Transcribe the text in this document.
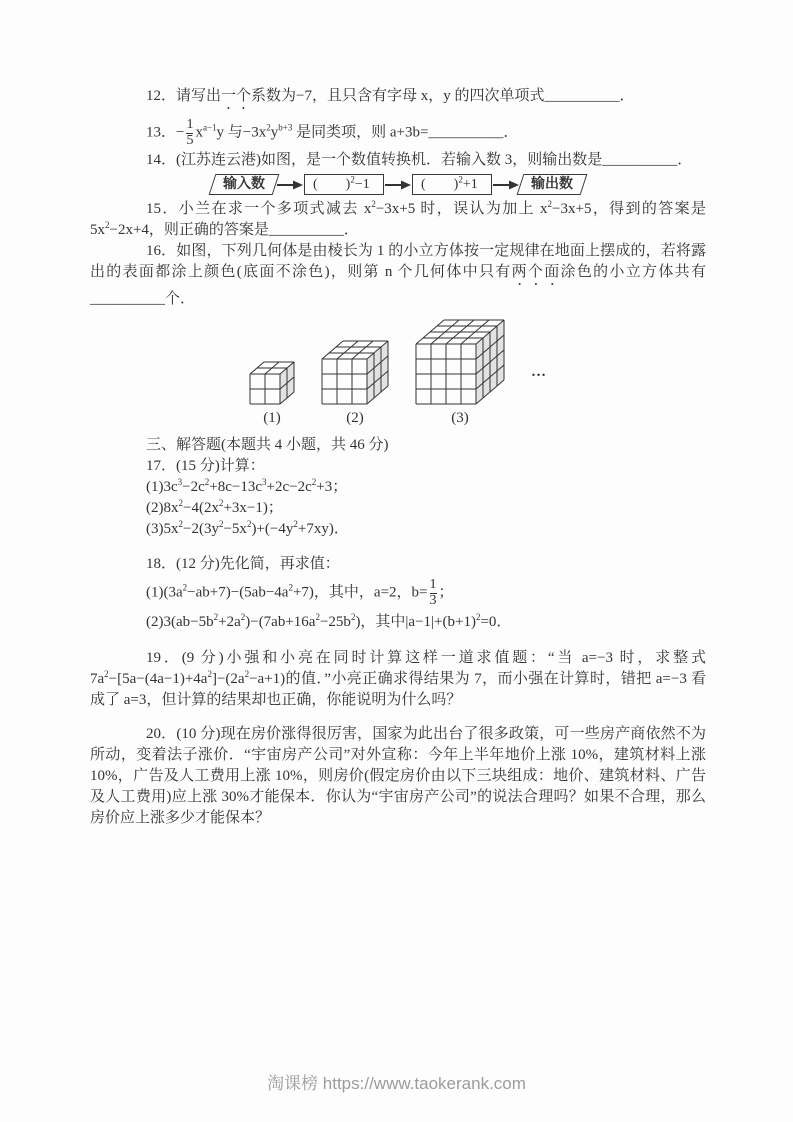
12．请写出一个系数为−7，且只含有字母 x，y 的四次单项式__________．

13．− $\frac{1}{5} x^{a-1}y$ 与$-3x^2y^{b+3}$ 是同类项，则 a+3b=__________．

14．(江苏连云港)如图，是一个数值转换机．若输入数 3，则输出数是__________．

输入数	(　　)$^2$−1	(　　)$^2$+1	输出数

15．小兰在求一个多项式减去 $x^2-3x+5$ 时，误认为加上 $x^2-3x+5$，得到的答案是 $5x^2-2x+4$，则正确的答案是__________．

16．如图，下列几何体是由棱长为 1 的小立方体按一定规律在地面上摆成的，若将露出的表面都涂上颜色(底面不涂色)，则第 n 个几何体中只有两个面涂色的小立方体共有__________个．

(1)	(2)	(3)
…

三、解答题(本题共 4 小题，共 46 分)

17．(15 分)计算：

$(1)3c^3-2c^2+8c-13c^3+2c-2c^2+3$；

$(2)8x^2-4(2x^2+3x-1)$；

$(3)5x^2-2(3y^2-5x^2)+(-4y^2+7xy)$．

18．(12 分)先化简，再求值：

$(1)(3a^2-ab+7)-(5ab-4a^2+7)$，其中，a=2，$b= \frac{1}{3}$ ；

$(2)3(ab-5b^2+2a^2)-(7ab+16a^2-25b^2)$，其中$|a-1|+(b+1)^2=0$．

19．(9 分)小强和小亮在同时计算这样一道求值题：“当 a=−3 时，求整式 $7a^2-[5a-(4a-1)+4a^2]-(2a^2-a+1)$的值．”小亮正确求得结果为 7，而小强在计算时，错把 a=−3 看成了 a=3，但计算的结果却也正确，你能说明为什么吗？

20．(10 分)现在房价涨得很厉害，国家为此出台了很多政策，可一些房产商依然不为所动，变着法子涨价．“宇宙房产公司”对外宣称：今年上半年地价上涨 10%，建筑材料上涨 10%，广告及人工费用上涨 10%，则房价(假定房价由以下三块组成：地价、建筑材料、广告及人工费用)应上涨 30%才能保本．你认为“宇宙房产公司”的说法合理吗？如果不合理，那么房价应上涨多少才能保本？

淘课榜 https://www.taokerank.com
